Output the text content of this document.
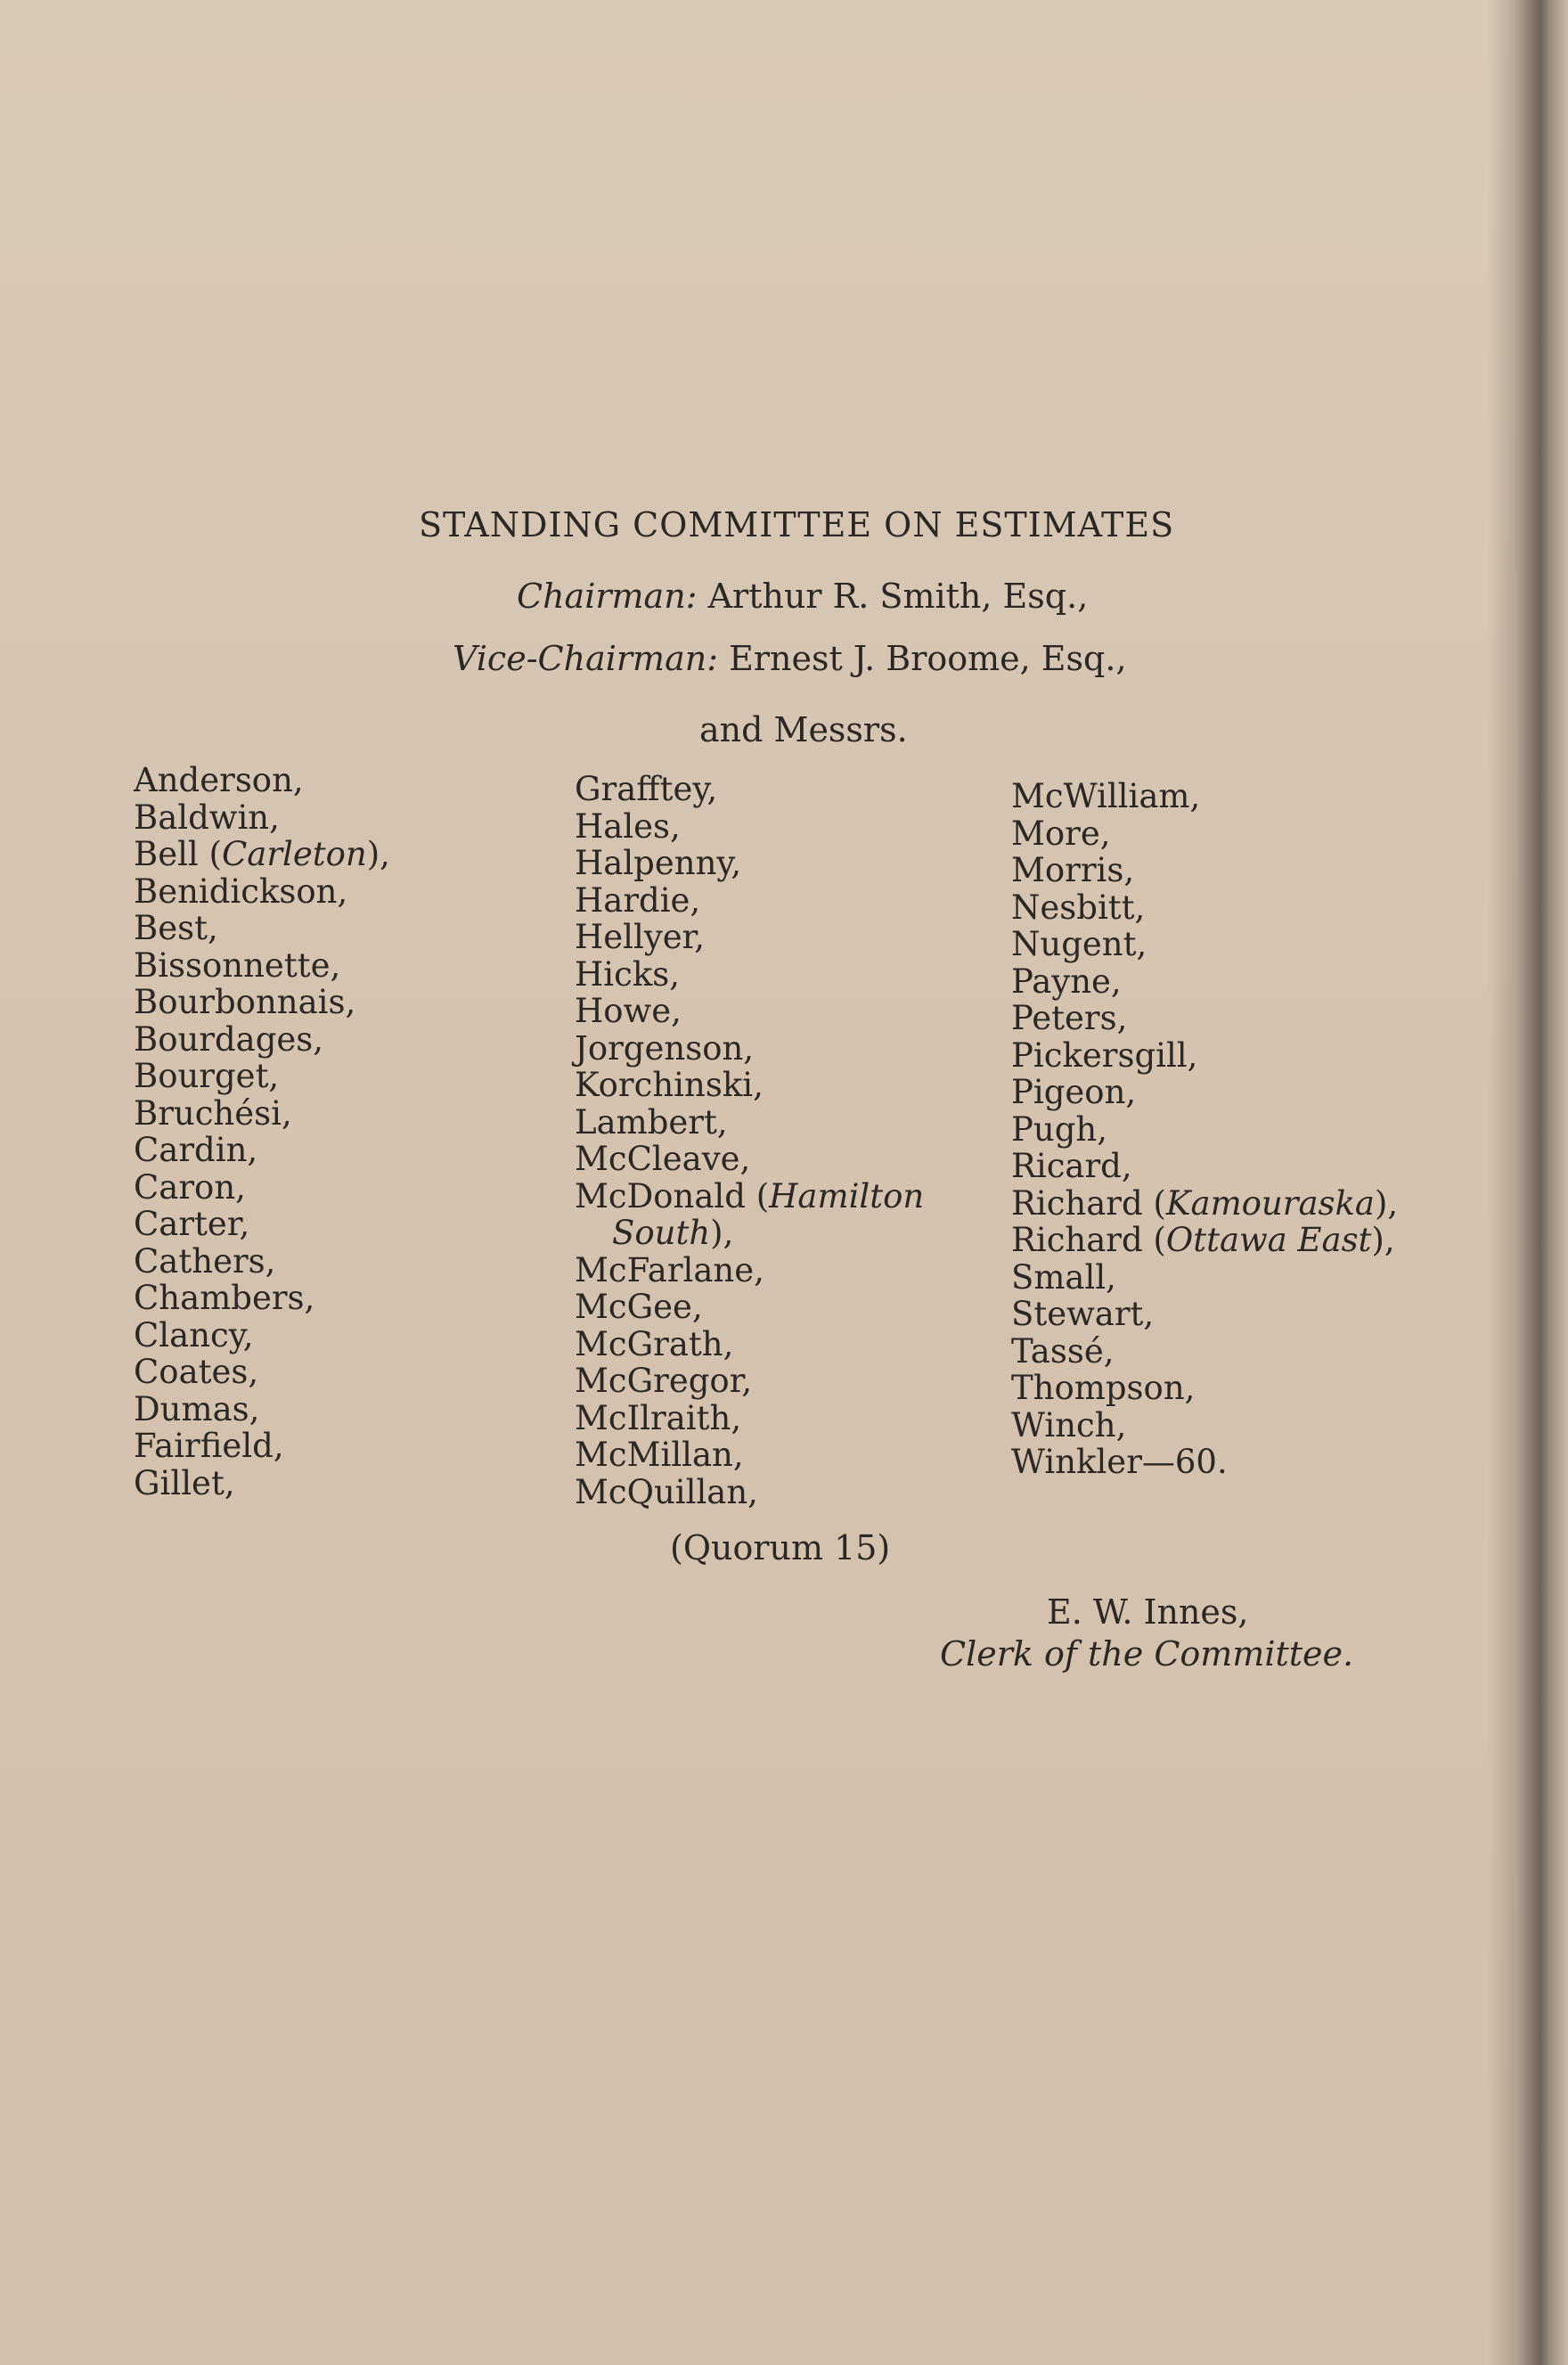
STANDING COMMITTEE ON ESTIMATES
Chairman: Arthur R. Smith, Esq.,
Vice-Chairman: Ernest J. Broome, Esq.,
and Messrs.
Anderson,
Baldwin,
Bell (Carleton),
Benidickson,
Best,
Bissonnette,
Bourbonnais,
Bourdages,
Bourget,
Bruchési,
Cardin,
Caron,
Carter,
Cathers,
Chambers,
Clancy,
Coates,
Dumas,
Fairfield,
Gillet,
Grafftey,
Hales,
Halpenny,
Hardie,
Hellyer,
Hicks,
Howe,
Jorgenson,
Korchinski,
Lambert,
McCleave,
McDonald (Hamilton
South),
McFarlane,
McGee,
McGrath,
McGregor,
McIlraith,
McMillan,
McQuillan,
McWilliam,
More,
Morris,
Nesbitt,
Nugent,
Payne,
Peters,
Pickersgill,
Pigeon,
Pugh,
Ricard,
Richard (Kamouraska),
Richard (Ottawa East),
Small,
Stewart,
Tassé,
Thompson,
Winch,
Winkler—60.
(Quorum 15)
E. W. Innes,
Clerk of the Committee.
